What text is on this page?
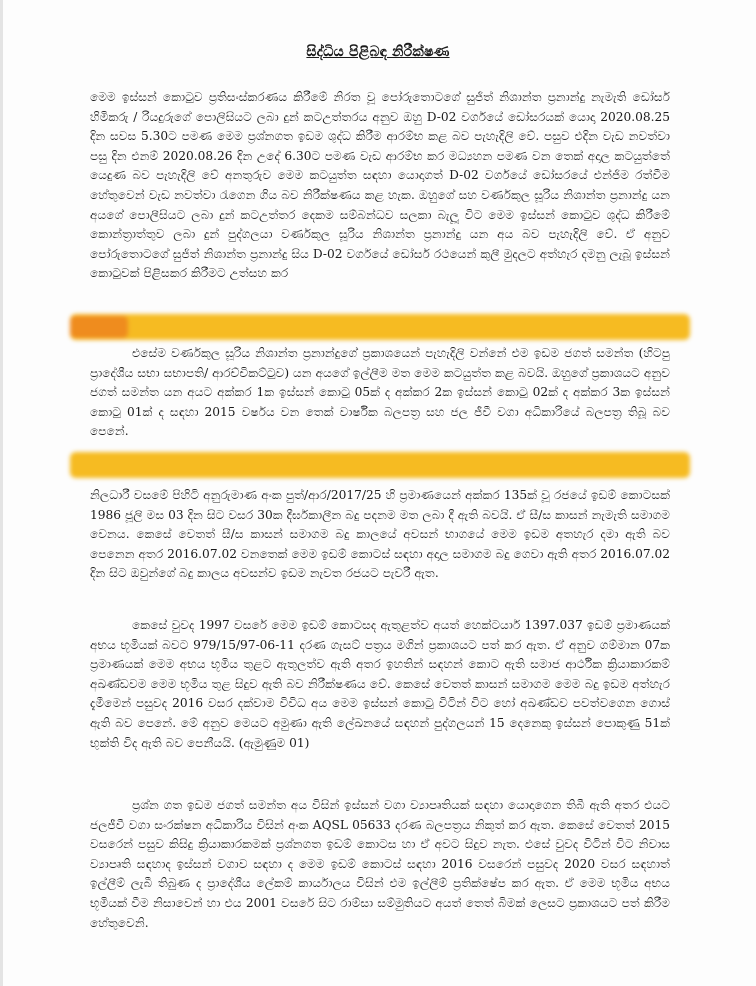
සිද්ධිය පිළිබඳ නිරීක්ෂණ

මෙම ඉස්සන් කොටුව ප්‍රතිසංස්කරණය කිරීමේ නිරත වූ පෝරුතොටගේ සුජිත් නිශාන්ත ප්‍රනාන්දු නැමැති ඩෝසර් හිමිකරු / රියදුරුගේ පොලිසියට ලබා දුන් කටඋත්තරය අනුව ඔහු D-02 වර්ගයේ ඩෝසරයක් යොදා 2020.08.25 දින සවස 5.30ට පමණ මෙම ප්‍රශ්නගත ඉඩම ශුද්ධ කිරීම ආරම්භ කළ බව පැහැදිලි වේ. පසුව එදින වැඩ නවත්වා පසු දින එනම් 2020.08.26 දින උදේ 6.30ට පමණ වැඩ ආරම්භ කර මධ්‍යහන පමණ වන තෙක් අදාල කටයුත්තේ යෙදුණ බව පැහැදිලි වේ අනතුරුව මෙම කටයුත්ත සඳහා යොදාගත් D-02 වර්ගයේ ඩෝසරයේ එන්ජිම රත්වීම හේතුවෙන් වැඩ නවත්වා රැගෙන ගිය බව නිරීක්ෂණය කළ හැක. ඔහුගේ සහ වර්ණකුල සූරිය නිශාන්ත ප්‍රනාන්දු යන අයගේ පොලීසියට ලබා දුන් කටඋත්තර දෙකම සම්බන්ධව සලකා බැලූ විට මෙම ඉස්සන් කොටුව ශුද්ධ කිරීමේ කොන්ත්‍රාත්තුව ලබා දුන් පුද්ගලයා වර්ණකුල සූරිය නිශාන්ත ප්‍රනාන්දු යන අය බව පැහැදිලි වේ. ඒ අනුව පෝරුතොටගේ සුජිත් නිශාන්ත ප්‍රනාන්දු සිය D-02 වර්ගයේ ඩෝසර් රථයෙන් කුලී මුදලට අත්හැර දමනු ලැබූ ඉස්සන් කොටුවක් පිළිසකර කිරීමට උත්සහ කර

එසේම වර්ණකුල සූරිය නිශාන්ත ප්‍රනාන්දුගේ ප්‍රකාශයෙන් පැහැදිලි වන්නේ එම ඉඩම ජගත් සමන්ත (හිටපු ප්‍රාදේශීය සභා සභාපති/ ආරච්චිකට්ටුව) යන අයගේ ඉල්ලීම මත මෙම කටයුත්ත කළ බවයි. ඔහුගේ ප්‍රකාශයට අනුව ජගත් සමන්ත යන අයට අක්කර 1ක ඉස්සන් කොටු 05ක් ද අක්කර 2ක ඉස්සන් කොටු 02ක් ද අක්කර 3ක ඉස්සන් කොටු 01ක් ද සඳහා 2015 වර්ෂය වන තෙක් වාර්ෂික බලපත්‍ර සහ ජල ජීවී වගා අධිකාරියේ බලපත්‍ර තිබූ බව පෙනේ.

නිලධාරී වසමේ පිහිටි අනුරුමාණ අංක පුත්/ආර/2017/25 හි ප්‍රමාණයෙන් අක්කර 135ක් වූ රජයේ ඉඩම් කොටසක් 1986 ජූලි මස 03 දින සිට වසර 30ක දීර්ඝකාලීන බදු පදනම මත ලබා දී ඇති බවයි. ඒ සී/ස කාසන් නැමැති සමාගම වෙනය. කෙසේ වෙතත් සී/ස කාසන් සමාගම බදු කාලයේ අවසන් භාගයේ මෙම ඉඩම අතහැර දමා ඇති බව පෙනෙන අතර 2016.07.02 වනතෙක් මෙම ඉඩම් කොටස් සඳහා අදාල සමාගම බදු ගෙවා ඇති අතර 2016.07.02 දින සිට ඔවුන්ගේ බදු කාලය අවසන්ව ඉඩම නැවත රජයට පැවරී ඇත.

කෙසේ වුවද 1997 වසරේ මෙම ඉඩම් කොටසද ඇතුළත්ව අයත් හෙක්ටයාර් 1397.037 ඉඩම් ප්‍රමාණයක් අභය භූමියක් බවට 979/15/97-06-11 දරණ ගැසට් පත්‍රය මගින් ප්‍රකාශයට පත් කර ඇත. ඒ අනුව ගම්මාන 07ක ප්‍රමාණයක් මෙම අභය භූමිය තුළට ඇතුලත්ව ඇති අතර ඉහතින් සඳහන් කොට ඇති සමාජ ආර්ථික ක්‍රියාකාරකම් අඛණ්ඩවම මෙම භූමිය තුළ සිදුව ඇති බව නිරීක්ෂණය වේ. කෙසේ වෙතත් කාසන් සමාගම මෙම බදු ඉඩම අත්හැර දැමීමෙන් පසුවද 2016 වසර දක්වාම විවිධ අය මෙම ඉස්සන් කොටු විටින් විට හෝ අඛණ්ඩව පවත්වගෙන ගොස් ඇති බව පෙනේ. මේ අනුව මෙයට අමුණා ඇති ලේඛනයේ සඳහන් පුද්ගලයන් 15 දෙනෙකු ඉස්සන් පොකුණු 51ක් භුක්ති විද ඇති බව පෙනීයයි. (ඇමුණුම 01)

ප්‍රශ්න ගත ඉඩම ජගත් සමන්ත අය විසින් ඉස්සන් වගා ව්‍යාපෘතියක් සඳහා යොදාගෙන තිබී ඇති අතර එයට ජලජීවී වගා සංරක්ෂන අධිකාරිය විසින් අංක AQSL 05633 දරණ බලපත්‍රය නිකුත් කර ඇත. කෙසේ වෙතත් 2015 වසරෙන් පසුව කිසිදු ක්‍රියාකාරකමක් ප්‍රශ්නගත ඉඩම් කොටස හා ඒ අවට සිදුව නැත. එසේ වුවද විටින් විට නිවාස ව්‍යාපෘති සඳහාද ඉස්සන් වගාව සඳහා ද මෙම ඉඩම් කොටස් සඳහා 2016 වසරෙන් පසුවද 2020 වසර සඳහාත් ඉල්ලීම් ලැබී තිබුණ ද ප්‍රාදේශීය ලේකම් කාර්යාලය විසින් එම ඉල්ලීම් ප්‍රතික්ෂේප කර ඇත. ඒ මෙම භූමිය අභය භූමියක් වීම නිසාවෙන් හා එය 2001 වසරේ සිට රාම්සා සම්මුතියට අයත් තෙත් බිමක් ලෙසට ප්‍රකාශයට පත් කිරීම හේතුවෙනි.
